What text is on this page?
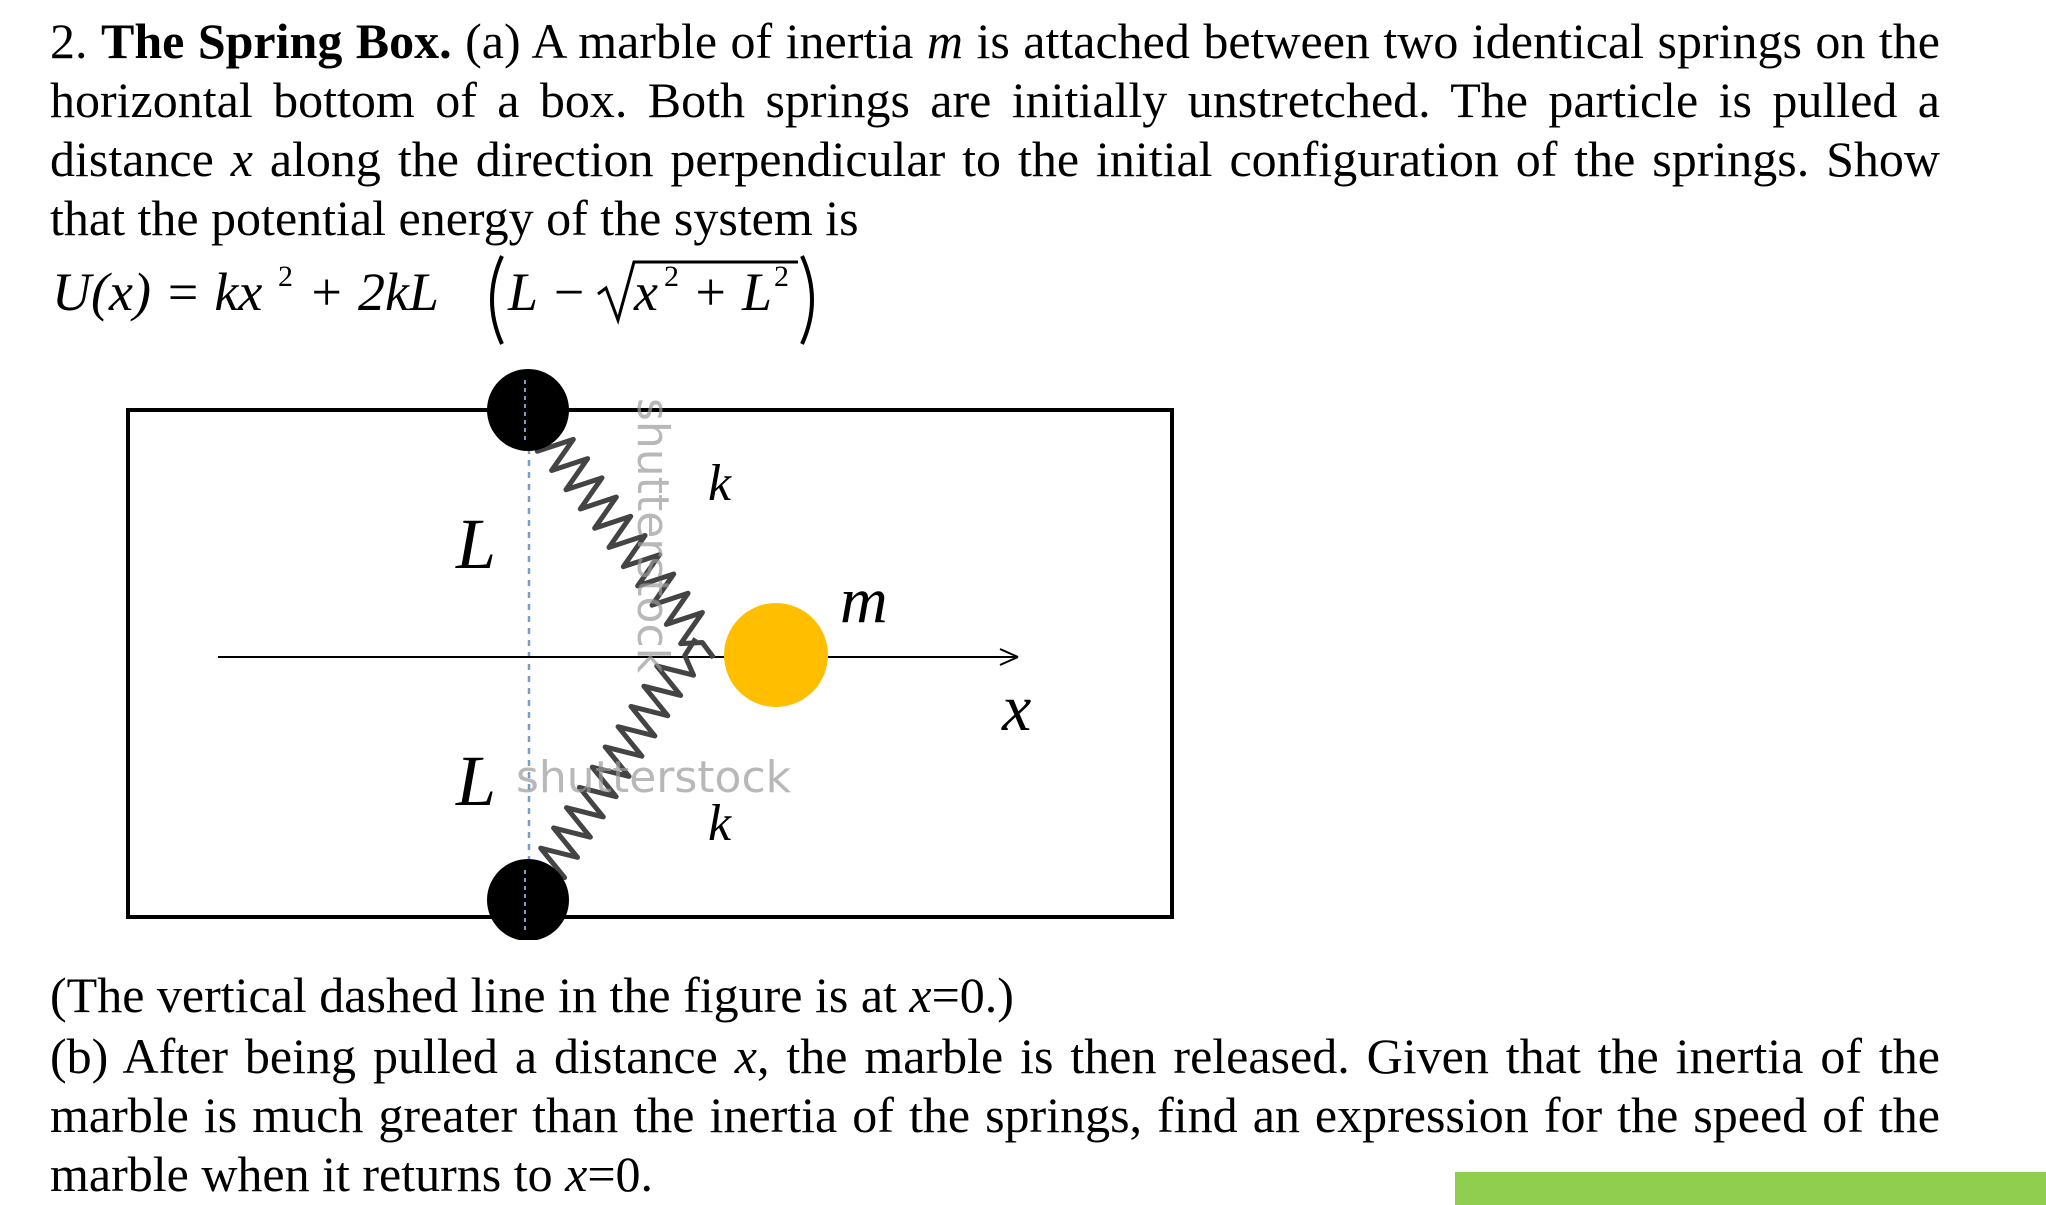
2. The Spring Box. (a) A marble of inertia m is attached between two identical springs on the horizontal bottom of a box. Both springs are initially unstretched. The particle is pulled a distance x along the direction perpendicular to the initial configuration of the springs. Show that the potential energy of the system is
U(x) = kx 2 + 2kL L − x 2 + L 2
shutterstock
shutterstock
L
L
k
k
m
x
(The vertical dashed line in the figure is at x=0.)
(b) After being pulled a distance x, the marble is then released. Given that the inertia of the marble is much greater than the inertia of the springs, find an expression for the speed of the marble when it returns to x=0.
